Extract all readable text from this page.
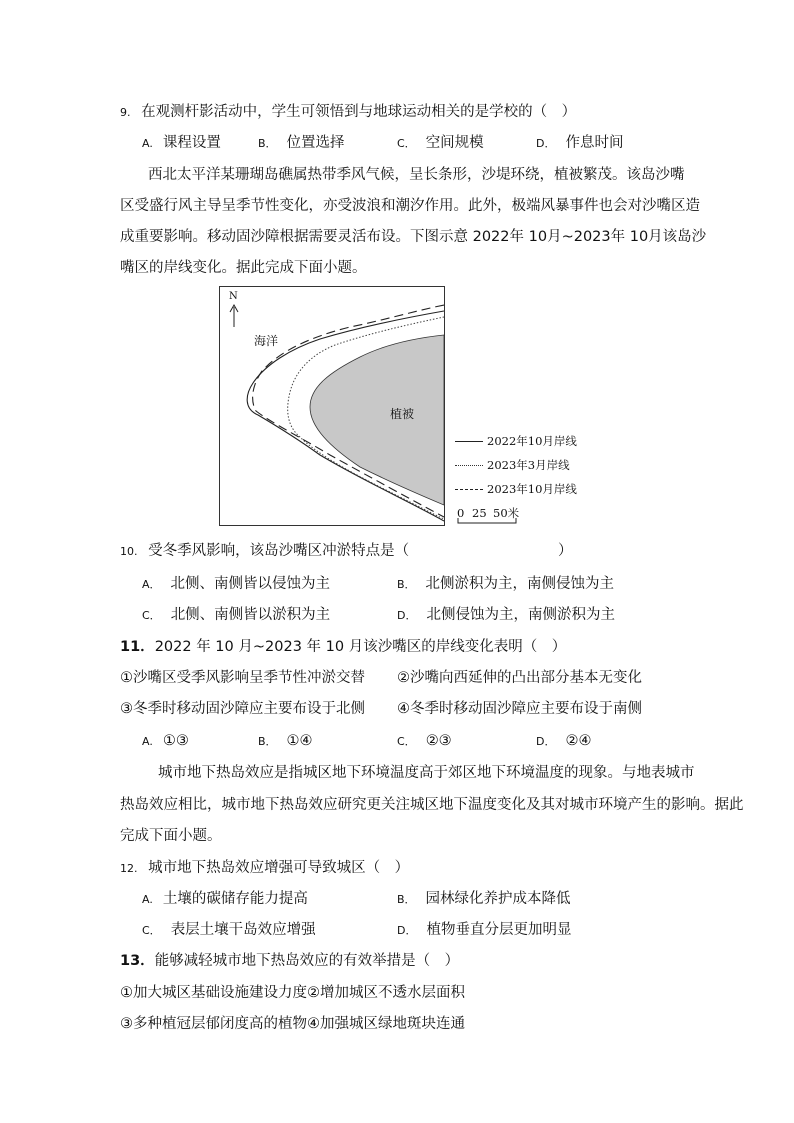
9. 在观测杆影活动中，学生可领悟到与地球运动相关的是学校的（　）
A. 课程设置	B． 位置选择	C． 空间规模	D． 作息时间
西北太平洋某珊瑚岛礁属热带季风气候，呈长条形，沙堤环绕，植被繁茂。该岛沙嘴
区受盛行风主导呈季节性变化，亦受波浪和潮汐作用。此外，极端风暴事件也会对沙嘴区造
成重要影响。移动固沙障根据需要灵活布设。下图示意 2022年 10月~2023年 10月该岛沙
嘴区的岸线变化。据此完成下面小题。
N
海洋
植被
2022年10月岸线
2023年3月岸线
2023年10月岸线
0 25 50米
10. 受冬季风影响，该岛沙嘴区冲淤特点是（	）
A． 北侧、南侧皆以侵蚀为主	B． 北侧淤积为主，南侧侵蚀为主
C． 北侧、南侧皆以淤积为主	D． 北侧侵蚀为主，南侧淤积为主
11．2022 年 10 月~2023 年 10 月该沙嘴区的岸线变化表明（　）
①沙嘴区受季风影响呈季节性冲淤交替 ②沙嘴向西延伸的凸出部分基本无变化
③冬季时移动固沙障应主要布设于北侧 ④冬季时移动固沙障应主要布设于南侧
A. ①③	B． ①④	C． ②③	D． ②④
城市地下热岛效应是指城区地下环境温度高于郊区地下环境温度的现象。与地表城市
热岛效应相比，城市地下热岛效应研究更关注城区地下温度变化及其对城市环境产生的影响。据此
完成下面小题。
12. 城市地下热岛效应增强可导致城区（　）
A. 土壤的碳储存能力提高	B． 园林绿化养护成本降低
C． 表层土壤干岛效应增强	D． 植物垂直分层更加明显
13．能够减轻城市地下热岛效应的有效举措是（　）
①加大城区基础设施建设力度②增加城区不透水层面积
③多种植冠层郁闭度高的植物④加强城区绿地斑块连通
